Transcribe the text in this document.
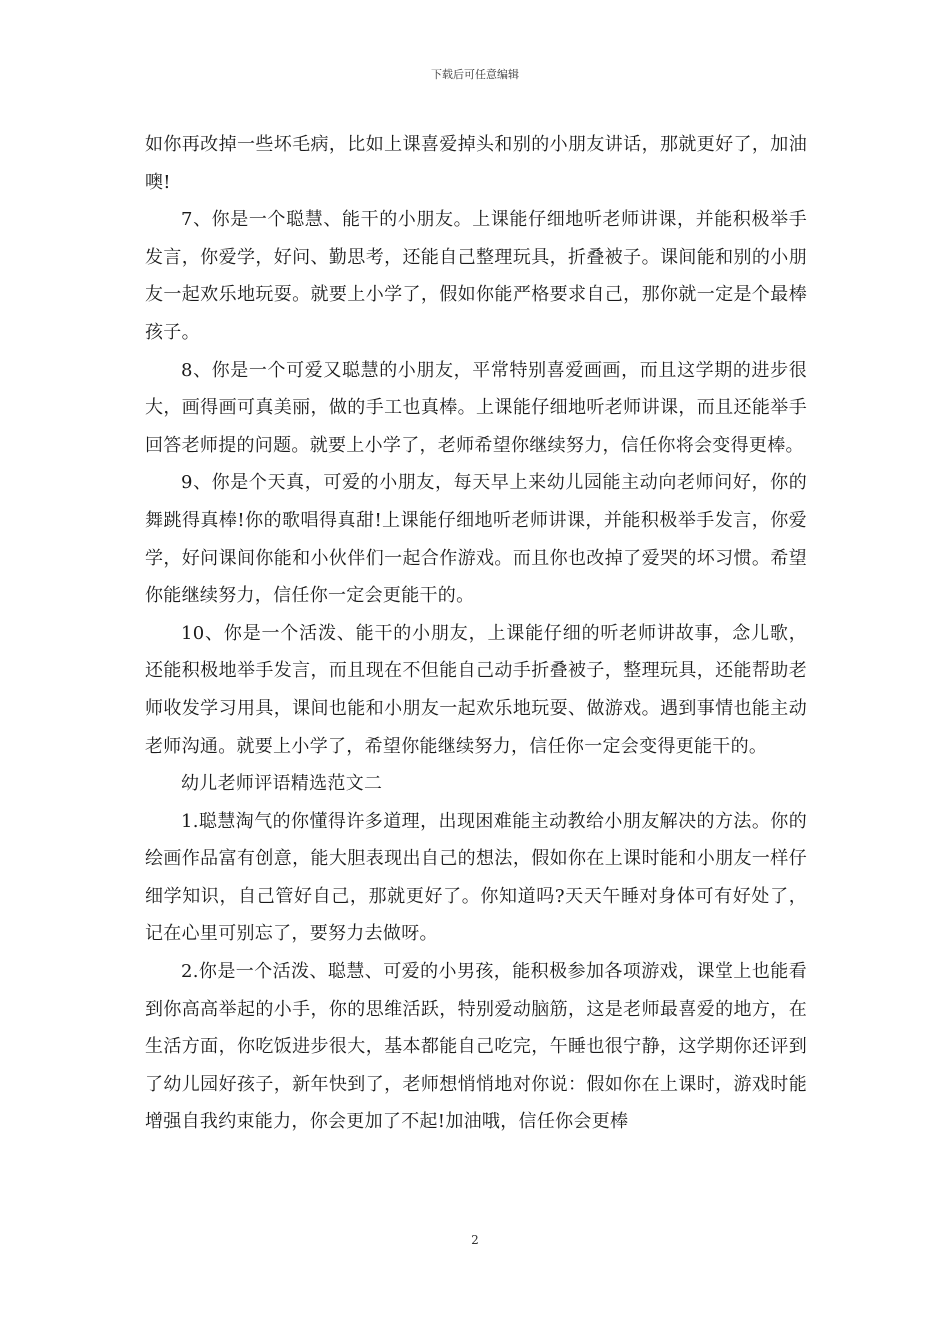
下载后可任意编辑

如你再改掉一些坏毛病，比如上课喜爱掉头和别的小朋友讲话，那就更好了，加油噢!

7、你是一个聪慧、能干的小朋友。上课能仔细地听老师讲课，并能积极举手发言，你爱学，好问、勤思考，还能自己整理玩具，折叠被子。课间能和别的小朋友一起欢乐地玩耍。就要上小学了，假如你能严格要求自己，那你就一定是个最棒孩子。

8、你是一个可爱又聪慧的小朋友，平常特别喜爱画画，而且这学期的进步很大，画得画可真美丽，做的手工也真棒。上课能仔细地听老师讲课，而且还能举手回答老师提的问题。就要上小学了，老师希望你继续努力，信任你将会变得更棒。

9、你是个天真，可爱的小朋友，每天早上来幼儿园能主动向老师问好，你的舞跳得真棒!你的歌唱得真甜!上课能仔细地听老师讲课，并能积极举手发言，你爱学，好问课间你能和小伙伴们一起合作游戏。而且你也改掉了爱哭的坏习惯。希望你能继续努力，信任你一定会更能干的。

10、你是一个活泼、能干的小朋友，上课能仔细的听老师讲故事，念儿歌，还能积极地举手发言，而且现在不但能自己动手折叠被子，整理玩具，还能帮助老师收发学习用具，课间也能和小朋友一起欢乐地玩耍、做游戏。遇到事情也能主动老师沟通。就要上小学了，希望你能继续努力，信任你一定会变得更能干的。

幼儿老师评语精选范文二

1.聪慧淘气的你懂得许多道理，出现困难能主动教给小朋友解决的方法。你的绘画作品富有创意，能大胆表现出自己的想法，假如你在上课时能和小朋友一样仔细学知识，自己管好自己，那就更好了。你知道吗?天天午睡对身体可有好处了，记在心里可别忘了，要努力去做呀。

2.你是一个活泼、聪慧、可爱的小男孩，能积极参加各项游戏，课堂上也能看到你高高举起的小手，你的思维活跃，特别爱动脑筋，这是老师最喜爱的地方，在生活方面，你吃饭进步很大，基本都能自己吃完，午睡也很宁静，这学期你还评到了幼儿园好孩子，新年快到了，老师想悄悄地对你说：假如你在上课时，游戏时能增强自我约束能力，你会更加了不起!加油哦，信任你会更棒

2
